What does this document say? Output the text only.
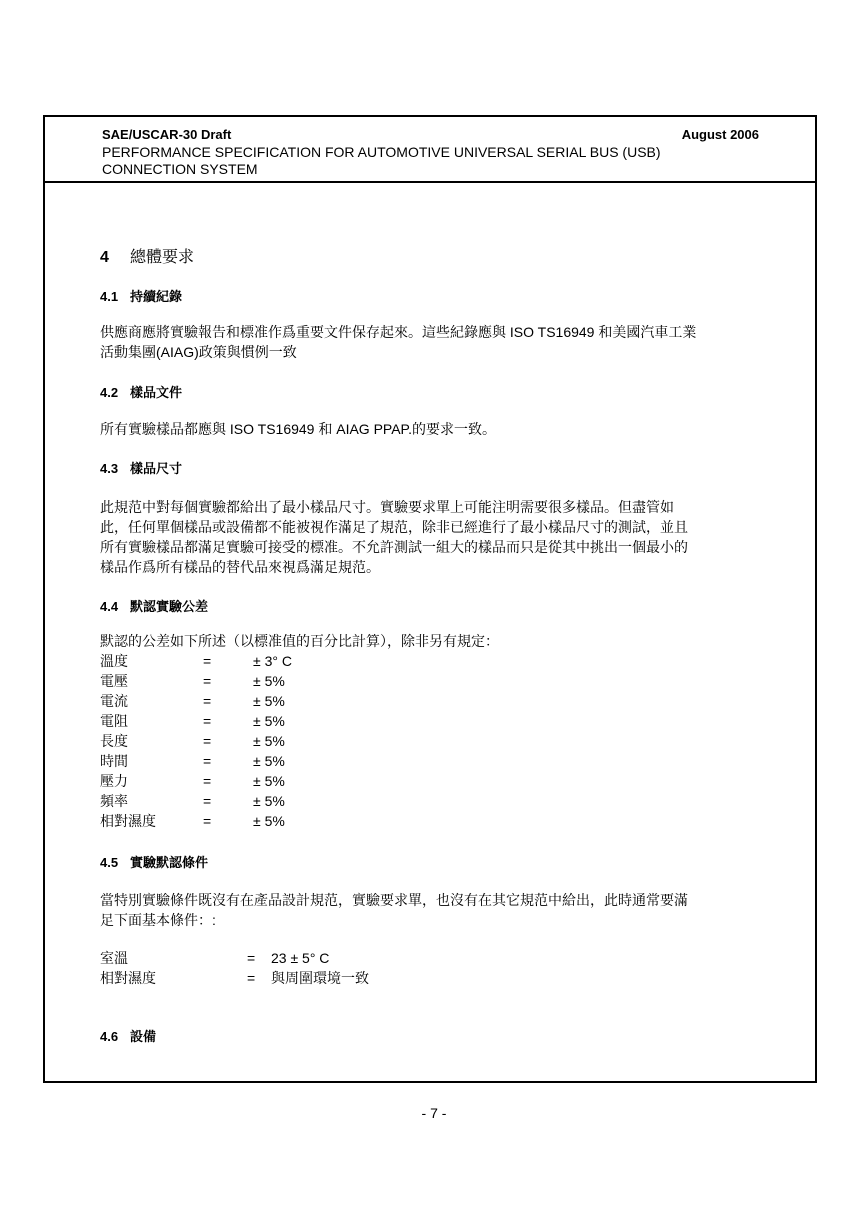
SAE/USCAR-30 Draft	August 2006
PERFORMANCE SPECIFICATION FOR AUTOMOTIVE UNIVERSAL SERIAL BUS (USB)
CONNECTION SYSTEM
4 總體要求
4.1 持續紀錄
供應商應將實驗報告和標准作爲重要文件保存起來。這些紀錄應與 ISO TS16949 和美國汽車工業
活動集團(AIAG)政策與慣例一致
4.2 樣品文件
所有實驗樣品都應與 ISO TS16949 和 AIAG PPAP.的要求一致。
4.3 樣品尺寸
此規范中對每個實驗都給出了最小樣品尺寸。實驗要求單上可能注明需要很多樣品。但盡管如
此，任何單個樣品或設備都不能被視作滿足了規范，除非已經進行了最小樣品尺寸的測試，並且
所有實驗樣品都滿足實驗可接受的標准。不允許測試一組大的樣品而只是從其中挑出一個最小的
樣品作爲所有樣品的替代品來視爲滿足規范。
4.4 默認實驗公差
默認的公差如下所述（以標准值的百分比計算），除非另有規定：
溫度	=	± 3° C
電壓	=	± 5%
電流	=	± 5%
電阻	=	± 5%
長度	=	± 5%
時間	=	± 5%
壓力	=	± 5%
頻率	=	± 5%
相對濕度	=	± 5%
4.5 實驗默認條件
當特別實驗條件既沒有在產品設計規范，實驗要求單，也沒有在其它規范中給出，此時通常要滿
足下面基本條件：:
室溫	= 23 ± 5° C
相對濕度	= 與周圍環境一致
4.6 設備
- 7 -
